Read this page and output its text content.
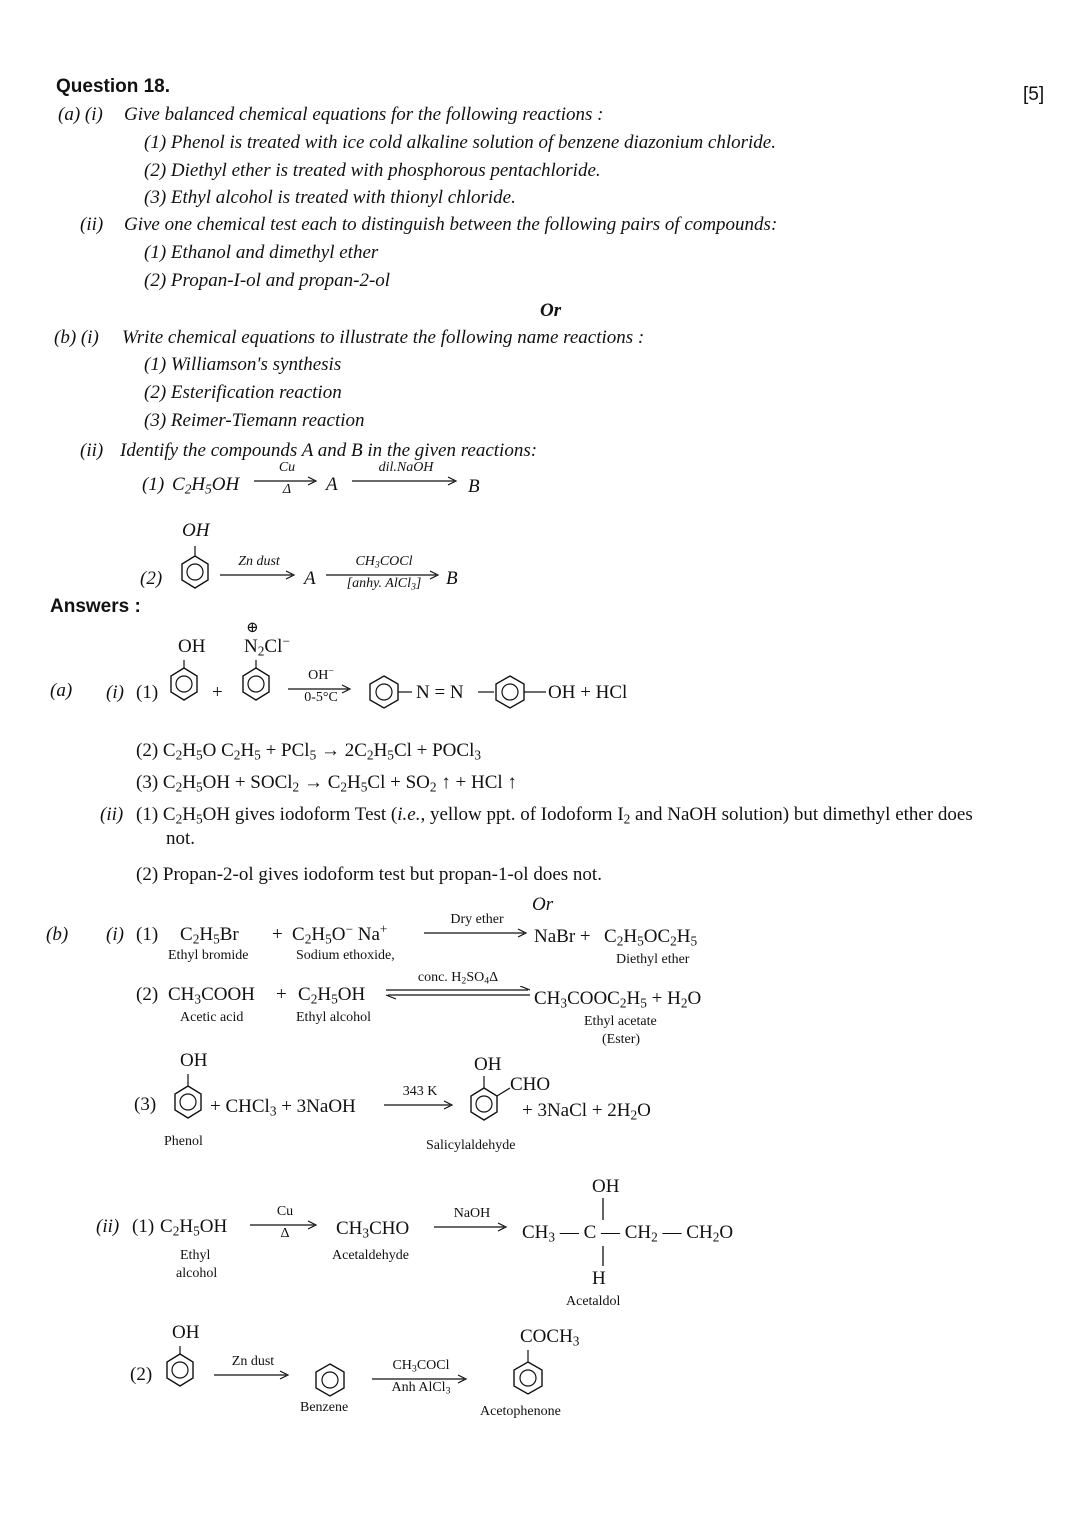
Question 18.	[5]
(a) (i) Give balanced chemical equations for the following reactions :
(1) Phenol is treated with ice cold alkaline solution of benzene diazonium chloride.
(2) Diethyl ether is treated with phosphorous pentachloride.
(3) Ethyl alcohol is treated with thionyl chloride.
(ii) Give one chemical test each to distinguish between the following pairs of compounds:
(1) Ethanol and dimethyl ether
(2) Propan-I-ol and propan-2-ol
Or
(b) (i) Write chemical equations to illustrate the following name reactions :
(1) Williamson's synthesis
(2) Esterification reaction
(3) Reimer-Tiemann reaction
(ii) Identify the compounds A and B in the given reactions:
(1) $C_2H_5OH$
Cu
Δ	A
dil.NaOH
B
OH
(2)
Zn dust
A
$CH_3COCl$
[anhy. AlCl$_3$]	B
Answers :
(a) (i) (1)
OH
+
⊕
$N_2Cl^-$
OH−
0-5°C	N = N	OH + HCl
(2) $C_2H_5O$ $C_2H_5 + PCl_5 \to 2C_2H_5Cl$ + POCl$_3$
(3) $C_2H_5OH$ + SOCl$_2$ → $C_2H_5Cl + SO_2$ ↑ + HCl ↑
(ii) (1) $C_2H_5OH$ gives iodoform Test (i.e., yellow ppt. of Iodoform $I_2$ and NaOH solution) but dimethyl ether does
not.
(2) Propan-2-ol gives iodoform test but propan-1-ol does not.
Or
(b) (i) (1) $C_2H_5Br$
Ethyl bromide
+ $C_2H_5O^-$ Na+
Sodium ethoxide,
Dry ether
NaBr + $C_2H_5OC_2H_5$
Diethyl ether
(2) $CH_3COOH$
Acetic acid
+ $C_2H_5OH$
Ethyl alcohol
conc. $H_2SO_4\Delta$
$CH_3COOC_2H_5 + H_2O$
Ethyl acetate
(Ester)
OH
(3)	+ CHCl$_3$ + 3NaOH
Phenol
343 K
OH
CHO
+ 3NaCl + $2H_2O$
Salicylaldehyde
(ii) (1) $C_2H_5OH$
Ethyl
alcohol
Cu
Δ	$CH_3CHO$
Acetaldehyde
NaOH
OH
$CH_3$ — C — $CH_2$ — $CH_2O$
H
Acetaldol
OH
(2)
Zn dust
Benzene
$CH_3COCl$
Anh AlCl$_3$
$COCH_3$
Acetophenone
